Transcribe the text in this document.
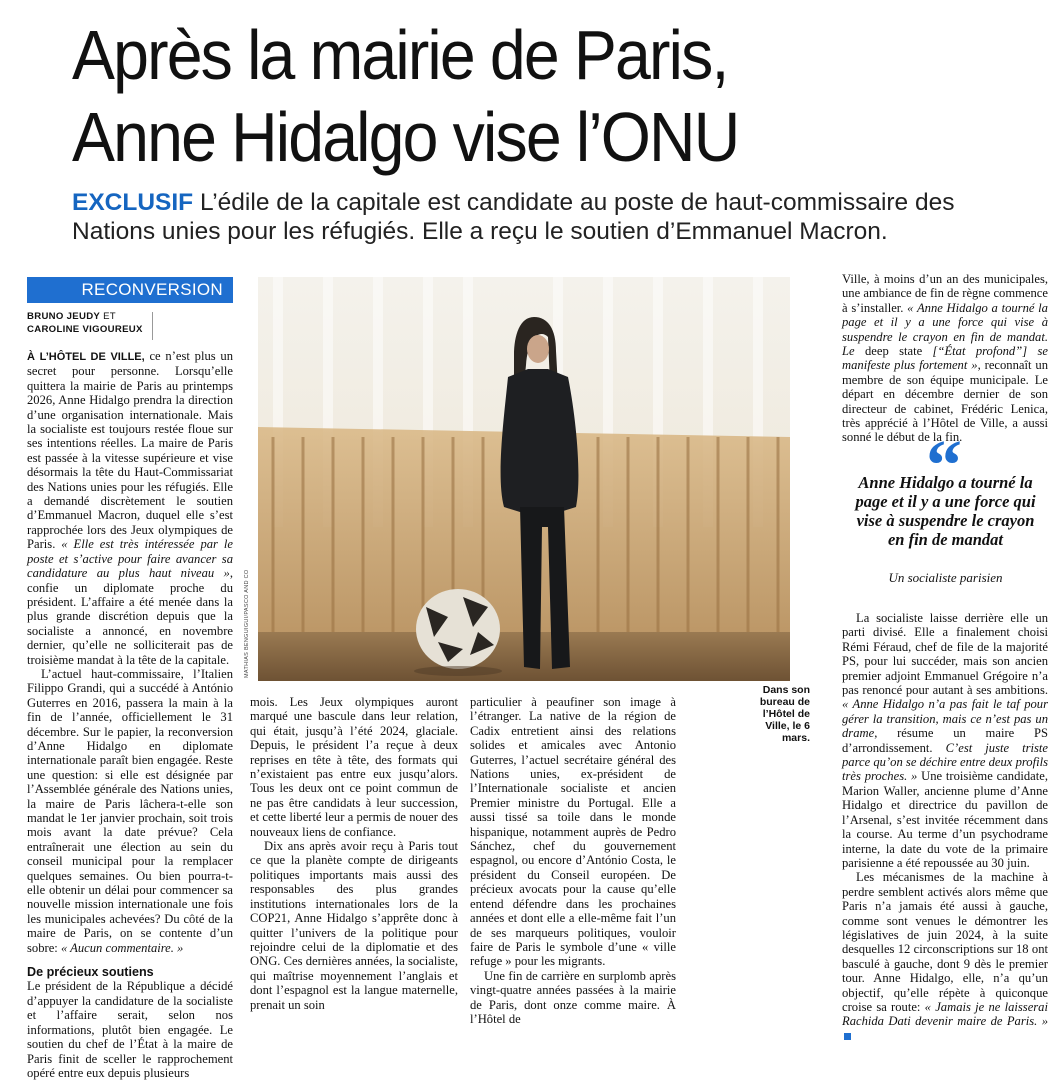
Après la mairie de Paris,
Anne Hidalgo vise l’ONU
EXCLUSIF L’édile de la capitale est candidate au poste de haut-commissaire des Nations unies pour les réfugiés. Elle a reçu le soutien d’Emmanuel Macron.
RECONVERSION
BRUNO JEUDY ET
CAROLINE VIGOUREUX

À L’HÔTEL DE VILLE, ce n’est plus un secret pour personne. Lorsqu’elle quittera la mairie de Paris au printemps 2026, Anne Hidalgo prendra la direction d’une organisation internationale. Mais la socialiste est toujours restée floue sur ses intentions réelles. La maire de Paris est passée à la vitesse supérieure et vise désormais la tête du Haut-Commissariat des Nations unies pour les réfugiés. Elle a demandé discrètement le soutien d’Emmanuel Macron, duquel elle s’est rapprochée lors des Jeux olympiques de Paris. « Elle est très intéressée par le poste et s’active pour faire avancer sa candidature au plus haut niveau », confie un diplomate proche du président. L’affaire a été menée dans la plus grande discrétion depuis que la socialiste a annoncé, en novembre dernier, qu’elle ne solliciterait pas de troisième mandat à la tête de la capitale.

L’actuel haut-commissaire, l’Italien Filippo Grandi, qui a succédé à António Guterres en 2016, passera la main à la fin de l’année, officiellement le 31 décembre. Sur le papier, la reconversion d’Anne Hidalgo en diplomate internationale paraît bien engagée. Reste une question: si elle est désignée par l’Assemblée générale des Nations unies, la maire de Paris lâchera-t-elle son mandat le 1er janvier prochain, soit trois mois avant la date prévue? Cela entraînerait une élection au sein du conseil municipal pour la remplacer quelques semaines. Ou bien pourra-t-elle obtenir un délai pour commencer sa nouvelle mission internationale une fois les municipales achevées? Du côté de la maire de Paris, on se contente d’un sobre: « Aucun commentaire. »

De précieux soutiens

Le président de la République a décidé d’appuyer la candidature de la socialiste et l’affaire serait, selon nos informations, plutôt bien engagée. Le soutien du chef de l’État à la maire de Paris finit de sceller le rapprochement opéré entre eux depuis plusieurs

MATHIAS BENGUIGUI/PASCO AND CO
Dans son bureau de l’Hôtel de Ville, le 6 mars.

mois. Les Jeux olympiques auront marqué une bascule dans leur relation, qui était, jusqu’à l’été 2024, glaciale. Depuis, le président l’a reçue à deux reprises en tête à tête, des formats qui n’existaient pas entre eux jusqu’alors. Tous les deux ont ce point commun de ne pas être candidats à leur succession, et cette liberté leur a permis de nouer des nouveaux liens de confiance.

Dix ans après avoir reçu à Paris tout ce que la planète compte de dirigeants politiques importants mais aussi des responsables des plus grandes institutions internationales lors de la COP21, Anne Hidalgo s’apprête donc à quitter l’univers de la politique pour rejoindre celui de la diplomatie et des ONG. Ces dernières années, la socialiste, qui maîtrise moyennement l’anglais et dont l’espagnol est la langue maternelle, prenait un soin

particulier à peaufiner son image à l’étranger. La native de la région de Cadix entretient ainsi des relations solides et amicales avec Antonio Guterres, l’actuel secrétaire général des Nations unies, ex-président de l’Internationale socialiste et ancien Premier ministre du Portugal. Elle a aussi tissé sa toile dans le monde hispanique, notamment auprès de Pedro Sánchez, chef du gouvernement espagnol, ou encore d’António Costa, le président du Conseil européen. De précieux avocats pour la cause qu’elle entend défendre dans les prochaines années et dont elle a elle-même fait l’un de ses marqueurs politiques, vouloir faire de Paris le symbole d’une « ville refuge » pour les migrants.

Une fin de carrière en surplomb après vingt-quatre années passées à la mairie de Paris, dont onze comme maire. À l’Hôtel de

Ville, à moins d’un an des municipales, une ambiance de fin de règne commence à s’installer. « Anne Hidalgo a tourné la page et il y a une force qui vise à suspendre le crayon en fin de mandat. Le deep state [“État profond”] se manifeste plus fortement », reconnaît un membre de son équipe municipale. Le départ en décembre dernier de son directeur de cabinet, Frédéric Lenica, très apprécié à l’Hôtel de Ville, a aussi sonné le début de la fin.

“
Anne Hidalgo a tourné la page et il y a une force qui vise à suspendre le crayon en fin de mandat
Un socialiste parisien

La socialiste laisse derrière elle un parti divisé. Elle a finalement choisi Rémi Féraud, chef de file de la majorité PS, pour lui succéder, mais son ancien premier adjoint Emmanuel Grégoire n’a pas renoncé pour autant à ses ambitions. « Anne Hidalgo n’a pas fait le taf pour gérer la transition, mais ce n’est pas un drame, résume un maire PS d’arrondissement. C’est juste triste parce qu’on se déchire entre deux profils très proches. » Une troisième candidate, Marion Waller, ancienne plume d’Anne Hidalgo et directrice du pavillon de l’Arsenal, s’est invitée récemment dans la course. Au terme d’un psychodrame interne, la date du vote de la primaire parisienne a été repoussée au 30 juin.

Les mécanismes de la machine à perdre semblent activés alors même que Paris n’a jamais été aussi à gauche, comme sont venues le démontrer les législatives de juin 2024, à la suite desquelles 12 circonscriptions sur 18 ont basculé à gauche, dont 9 dès le premier tour. Anne Hidalgo, elle, n’a qu’un objectif, qu’elle répète à quiconque croise sa route: « Jamais je ne laisserai Rachida Dati devenir maire de Paris. »
